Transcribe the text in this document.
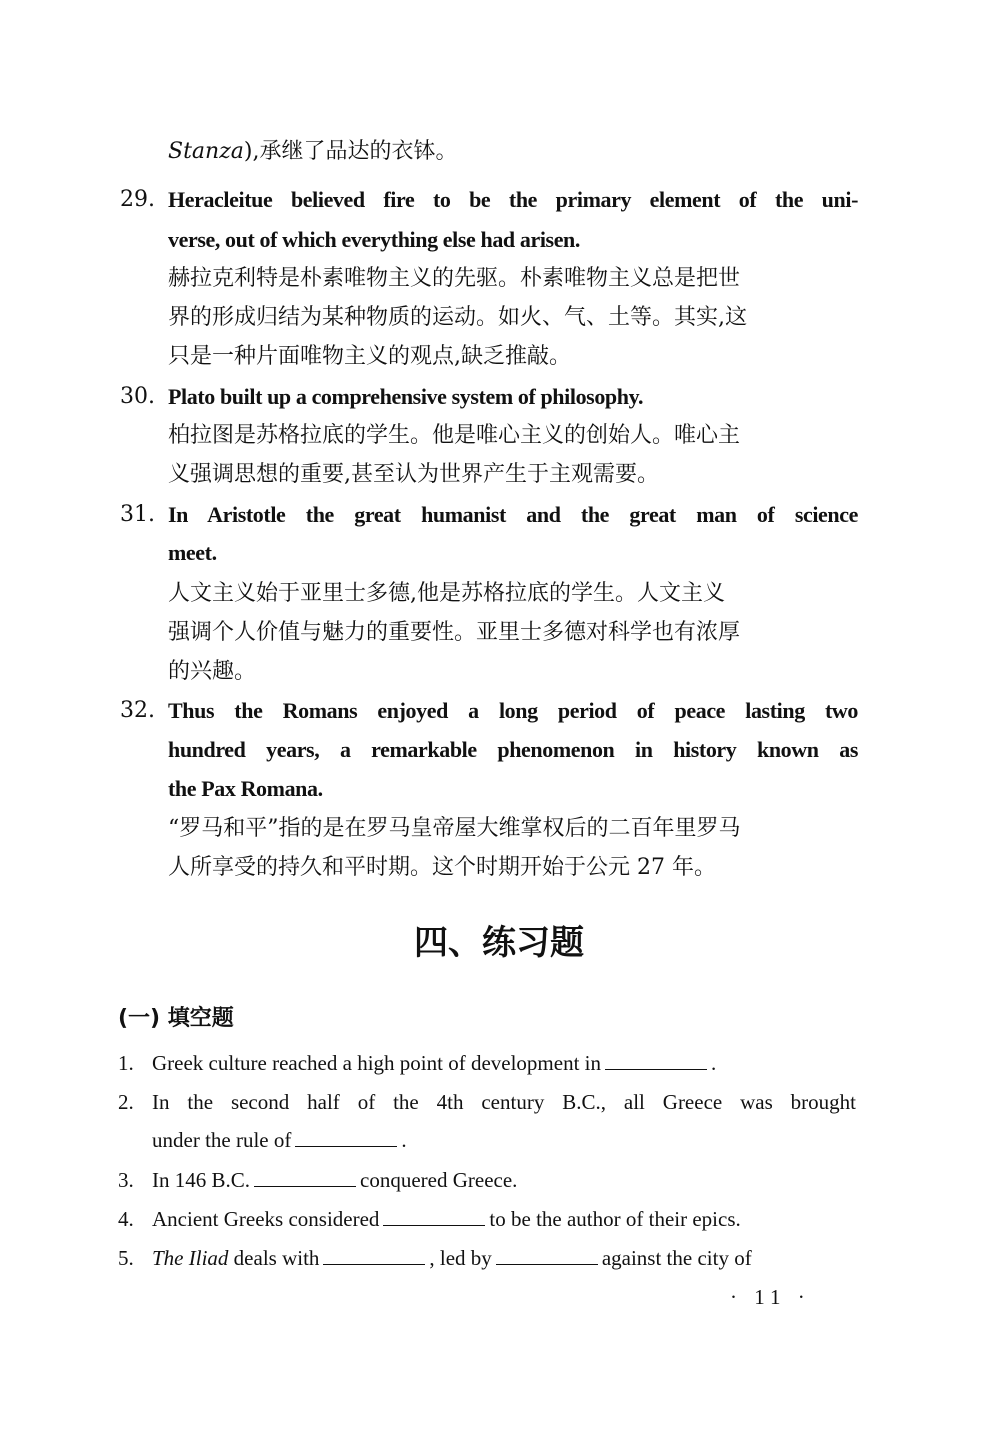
Stanza),承继了品达的衣钵。
29. Heracleitue believed fire to be the primary element of the uni-
verse, out of which everything else had arisen.
赫拉克利特是朴素唯物主义的先驱。朴素唯物主义总是把世
界的形成归结为某种物质的运动。如火、气、土等。其实,这
只是一种片面唯物主义的观点,缺乏推敲。
30. Plato built up a comprehensive system of philosophy.
柏拉图是苏格拉底的学生。他是唯心主义的创始人。唯心主
义强调思想的重要,甚至认为世界产生于主观需要。
31. In Aristotle the great humanist and the great man of science
meet.
人文主义始于亚里士多德,他是苏格拉底的学生。人文主义
强调个人价值与魅力的重要性。亚里士多德对科学也有浓厚
的兴趣。
32. Thus the Romans enjoyed a long period of peace lasting two
hundred years, a remarkable phenomenon in history known as
the Pax Romana.
“罗马和平”指的是在罗马皇帝屋大维掌权后的二百年里罗马
人所享受的持久和平时期。这个时期开始于公元 27 年。
四、练习题
(一) 填空题
1. Greek culture reached a high point of development in	.
2. In the second half of the 4th century B.C., all Greece was brought
under the rule of	.
3. In 146 B.C.	conquered Greece.
4. Ancient Greeks considered	to be the author of their epics.
5. The Iliad deals with	, led by	against the city of
· 11 ·
